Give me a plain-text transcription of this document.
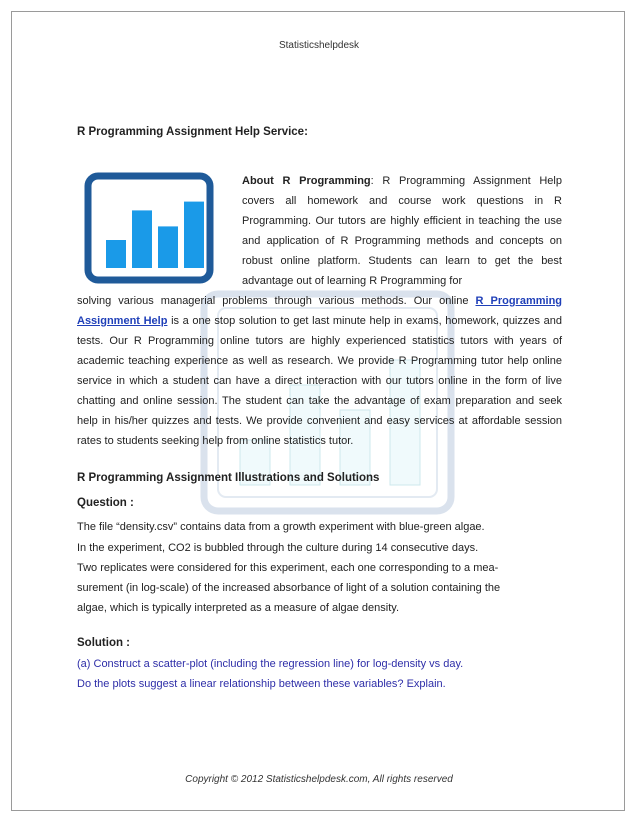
Statisticshelpdesk
R Programming Assignment Help Service:
About R Programming: R Programming Assignment Help covers all homework and course work questions in R Programming. Our tutors are highly efficient in teaching the use and application of R Programming methods and concepts on robust online platform. Students can learn to get the best advantage out of learning R Programming for
solving various managerial problems through various methods. Our online R Programming Assignment Help is a one stop solution to get last minute help in exams, homework, quizzes and tests. Our R Programming online tutors are highly experienced statistics tutors with years of academic teaching experience as well as research. We provide R Programming tutor help online service in which a student can have a direct interaction with our tutors online in the form of live chatting and online session. The student can take the advantage of exam preparation and seek help in his/her quizzes and tests. We provide convenient and easy services at affordable session rates to students seeking help from online statistics tutor.
R Programming Assignment Illustrations and Solutions
Question :
The file “density.csv” contains data from a growth experiment with blue-green algae.
In the experiment, CO2 is bubbled through the culture during 14 consecutive days.
Two replicates were considered for this experiment, each one corresponding to a mea-
surement (in log-scale) of the increased absorbance of light of a solution containing the
algae, which is typically interpreted as a measure of algae density.
Solution :
(a) Construct a scatter-plot (including the regression line) for log-density vs day.
Do the plots suggest a linear relationship between these variables? Explain.
Copyright © 2012 Statisticshelpdesk.com, All rights reserved
